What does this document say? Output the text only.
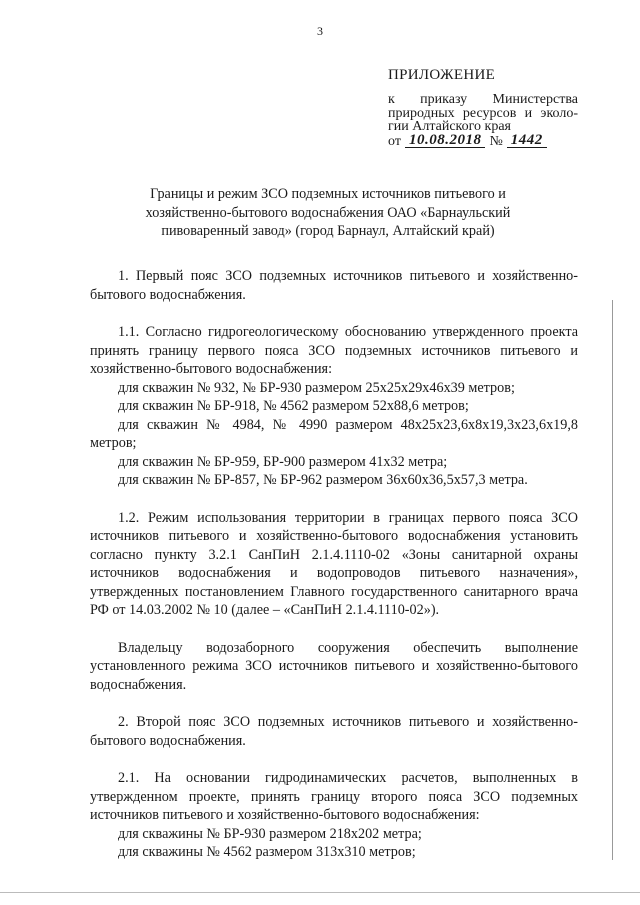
3
ПРИЛОЖЕНИЕ
к приказу Министерства
природных ресурсов и эколо-
гии Алтайского края
от 10.08.2018 № 1442
Границы и режим ЗСО подземных источников питьевого и хозяйственно-бытового водоснабжения ОАО «Барнаульский пивоваренный завод» (город Барнаул, Алтайский край)

1. Первый пояс ЗСО подземных источников питьевого и хозяйственно-бытового водоснабжения.

1.1. Согласно гидрогеологическому обоснованию утвержденного проекта принять границу первого пояса ЗСО подземных источников питьевого и хозяйственно-бытового водоснабжения:

для скважин № 932, № БР-930 размером 25х25х29х46х39 метров;
для скважин № БР-918, № 4562 размером 52х88,6 метров;
для скважин № 4984, № 4990 размером 48х25х23,6х8х19,3х23,6х19,8 метров;
для скважин № БР-959, БР-900 размером 41х32 метра;
для скважин № БР-857, № БР-962 размером 36х60х36,5х57,3 метра.

1.2. Режим использования территории в границах первого пояса ЗСО источников питьевого и хозяйственно-бытового водоснабжения установить согласно пункту 3.2.1 СанПиН 2.1.4.1110-02 «Зоны санитарной охраны источников водоснабжения и водопроводов питьевого назначения», утвержденных постановлением Главного государственного санитарного врача РФ от 14.03.2002 № 10 (далее – «СанПиН 2.1.4.1110-02»).

Владельцу водозаборного сооружения обеспечить выполнение установленного режима ЗСО источников питьевого и хозяйственно-бытового водоснабжения.

2. Второй пояс ЗСО подземных источников питьевого и хозяйственно-бытового водоснабжения.

2.1. На основании гидродинамических расчетов, выполненных в утвержденном проекте, принять границу второго пояса ЗСО подземных источников питьевого и хозяйственно-бытового водоснабжения:

для скважины № БР-930 размером 218х202 метра;
для скважины № 4562 размером 313х310 метров;
